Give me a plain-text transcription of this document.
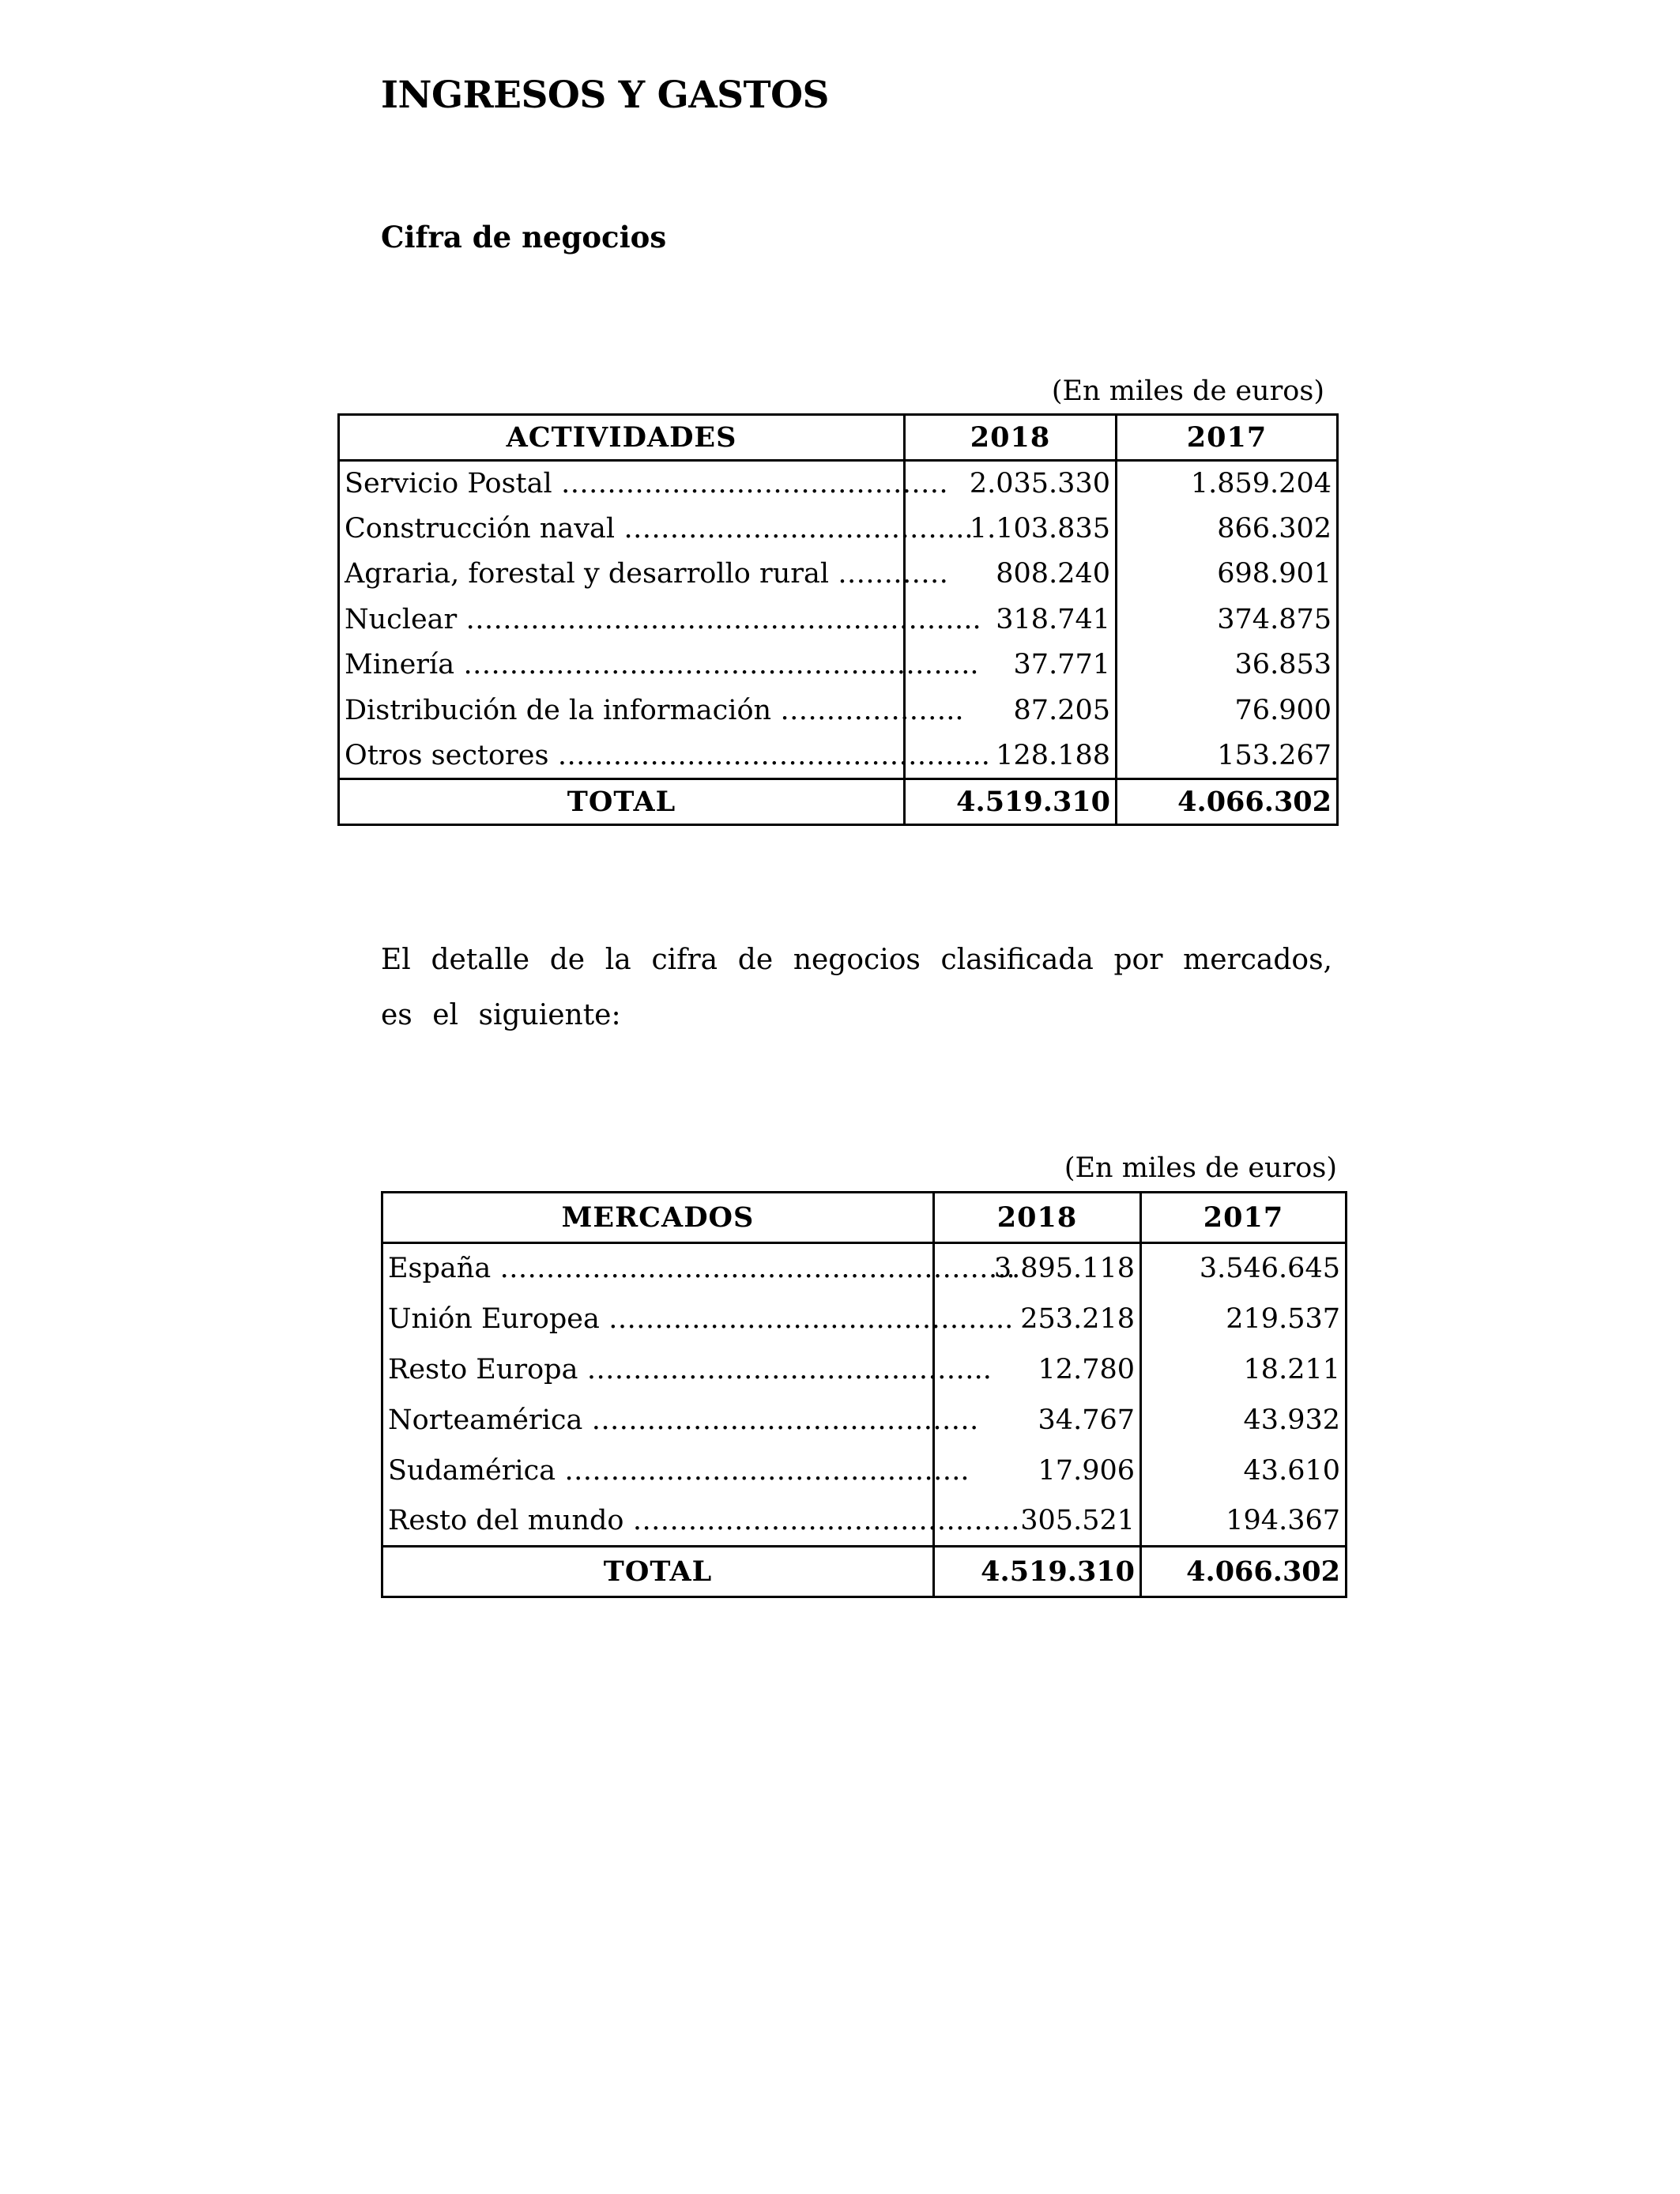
INGRESOS Y GASTOS
Cifra de negocios
(En miles de euros)
ACTIVIDADES	2018	2017
Servicio Postal ……………………………………	2.035.330	1.859.204
Construcción naval ………………………………..	1.103.835	866.302
Agraria, forestal y desarrollo rural …………	808.240	698.901
Nuclear ………………………………………………..	318.741	374.875
Minería ………………………………………………..	37.771	36.853
Distribución de la información ………………..	87.205	76.900
Otros sectores ………………………………………..	128.188	153.267
TOTAL	4.519.310	4.066.302
El detalle de la cifra de negocios clasificada por mercados, es el siguiente:
(En miles de euros)
MERCADOS	2018	2017
España ………………………………………………..	3.895.118	3.546.645
Unión Europea ……………………………………..	253.218	219.537
Resto Europa ……………………………………..	12.780	18.211
Norteamérica ……………………………………	34.767	43.932
Sudamérica ……………………………………..	17.906	43.610
Resto del mundo ……………………………………	305.521	194.367
TOTAL	4.519.310	4.066.302
